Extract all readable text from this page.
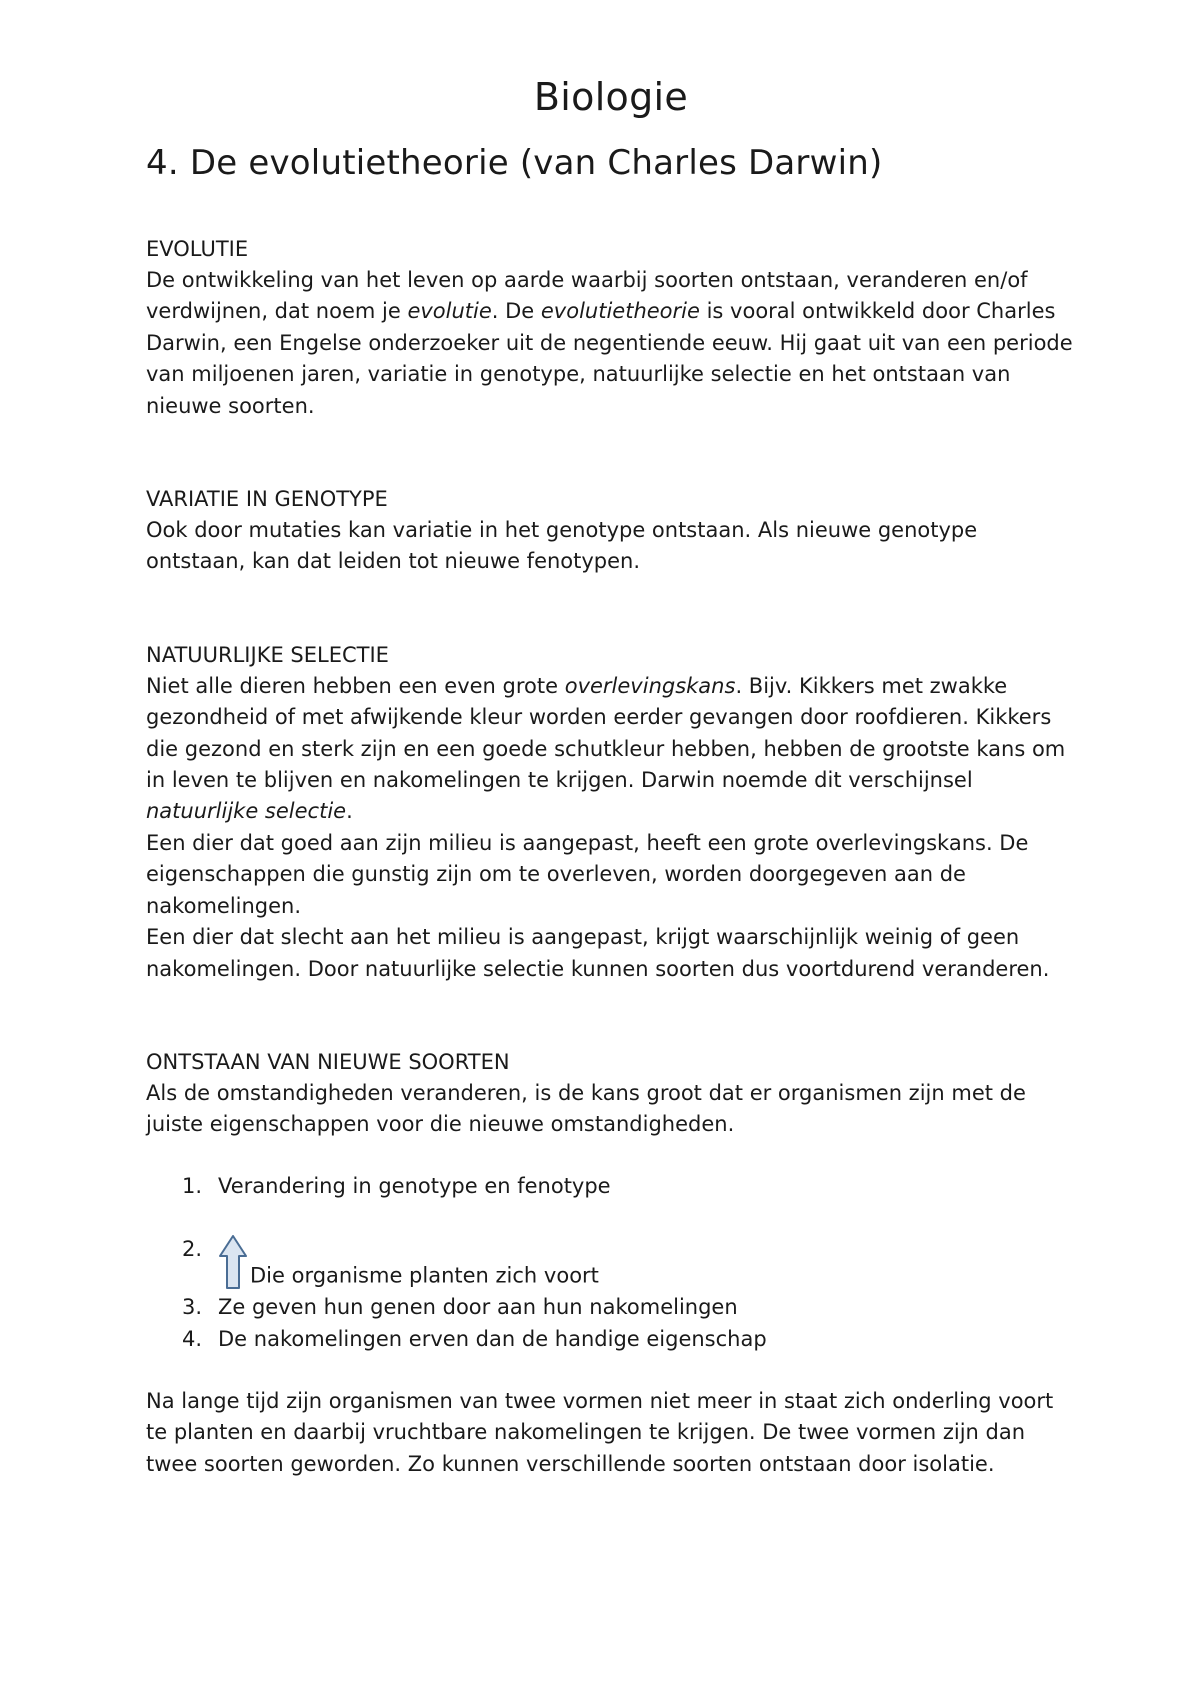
Biologie
4. De evolutietheorie (van Charles Darwin)
EVOLUTIE

De ontwikkeling van het leven op aarde waarbij soorten ontstaan, veranderen en/of verdwijnen, dat noem je evolutie. De evolutietheorie is vooral ontwikkeld door Charles Darwin, een Engelse onderzoeker uit de negentiende eeuw. Hij gaat uit van een periode van miljoenen jaren, variatie in genotype, natuurlijke selectie en het ontstaan van nieuwe soorten.

VARIATIE IN GENOTYPE

Ook door mutaties kan variatie in het genotype ontstaan. Als nieuwe genotype ontstaan, kan dat leiden tot nieuwe fenotypen.

NATUURLIJKE SELECTIE

Niet alle dieren hebben een even grote overlevingskans. Bijv. Kikkers met zwakke gezondheid of met afwijkende kleur worden eerder gevangen door roofdieren. Kikkers die gezond en sterk zijn en een goede schutkleur hebben, hebben de grootste kans om in leven te blijven en nakomelingen te krijgen. Darwin noemde dit verschijnsel natuurlijke selectie.

Een dier dat goed aan zijn milieu is aangepast, heeft een grote overlevingskans. De eigenschappen die gunstig zijn om te overleven, worden doorgegeven aan de nakomelingen.

Een dier dat slecht aan het milieu is aangepast, krijgt waarschijnlijk weinig of geen nakomelingen. Door natuurlijke selectie kunnen soorten dus voortdurend veranderen.

ONTSTAAN VAN NIEUWE SOORTEN

Als de omstandigheden veranderen, is de kans groot dat er organismen zijn met de juiste eigenschappen voor die nieuwe omstandigheden.

1. Verandering in genotype en fenotype
2.
Die organisme planten zich voort
3. Ze geven hun genen door aan hun nakomelingen
4. De nakomelingen erven dan de handige eigenschap

Na lange tijd zijn organismen van twee vormen niet meer in staat zich onderling voort te planten en daarbij vruchtbare nakomelingen te krijgen. De twee vormen zijn dan twee soorten geworden. Zo kunnen verschillende soorten ontstaan door isolatie.
